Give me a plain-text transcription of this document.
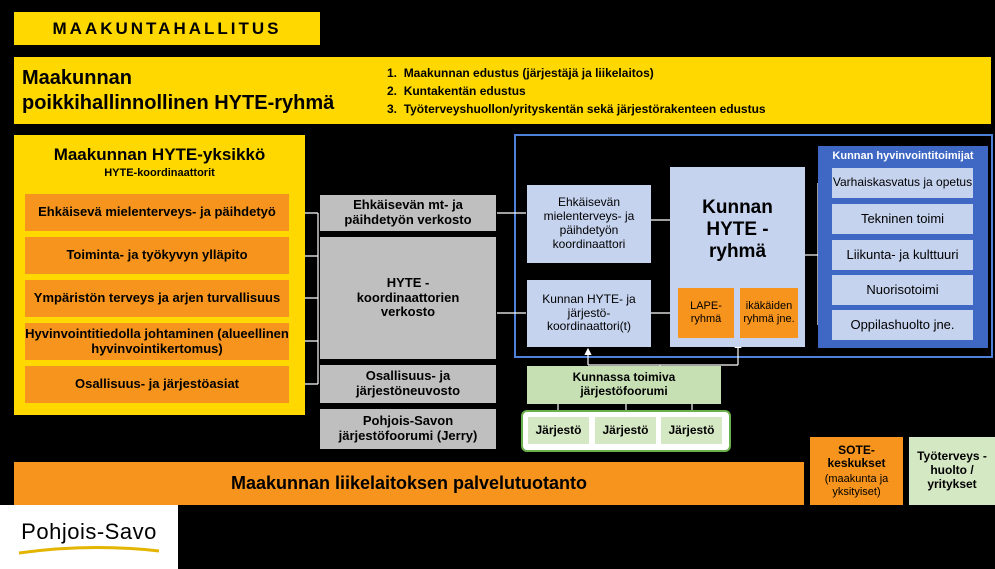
MAAKUNTAHALLITUS
Maakunnan
poikkihallinnollinen HYTE-ryhmä
1.  Maakunnan edustus (järjestäjä ja liikelaitos)
2.  Kuntakentän edustus
3.  Työterveyshuollon/yrityskentän sekä järjestörakenteen edustus
Maakunnan HYTE-yksikkö
HYTE-koordinaattorit
Ehkäisevä mielenterveys- ja päihdetyö
Toiminta- ja työkyvyn ylläpito
Ympäristön terveys ja arjen turvallisuus
Hyvinvointitiedolla johtaminen (alueellinen hyvinvointikertomus)
Osallisuus- ja järjestöasiat
Ehkäisevän mt- ja päihdetyön verkosto
HYTE -koordinaattorien verkosto
Osallisuus- ja järjestöneuvosto
Pohjois-Savon järjestöfoorumi (Jerry)
Ehkäisevän mielenterveys- ja päihdetyön koordinaattori
Kunnan HYTE- ja järjestö-koordinaattori(t)
Kunnan HYTE -ryhmä
LAPE-ryhmä
ikäkäiden ryhmä jne.
Kunnan hyvinvointitoimijat
Varhaiskasvatus ja opetus
Tekninen toimi
Liikunta- ja kulttuuri
Nuorisotoimi
Oppilashuolto jne.
Kunnassa toimiva järjestöfoorumi
Järjestö	Järjestö	Järjestö
Maakunnan liikelaitoksen palvelutuotanto
SOTE-keskukset
(maakunta ja yksityiset)
Työterveys -huolto / yritykset
Pohjois-Savo
